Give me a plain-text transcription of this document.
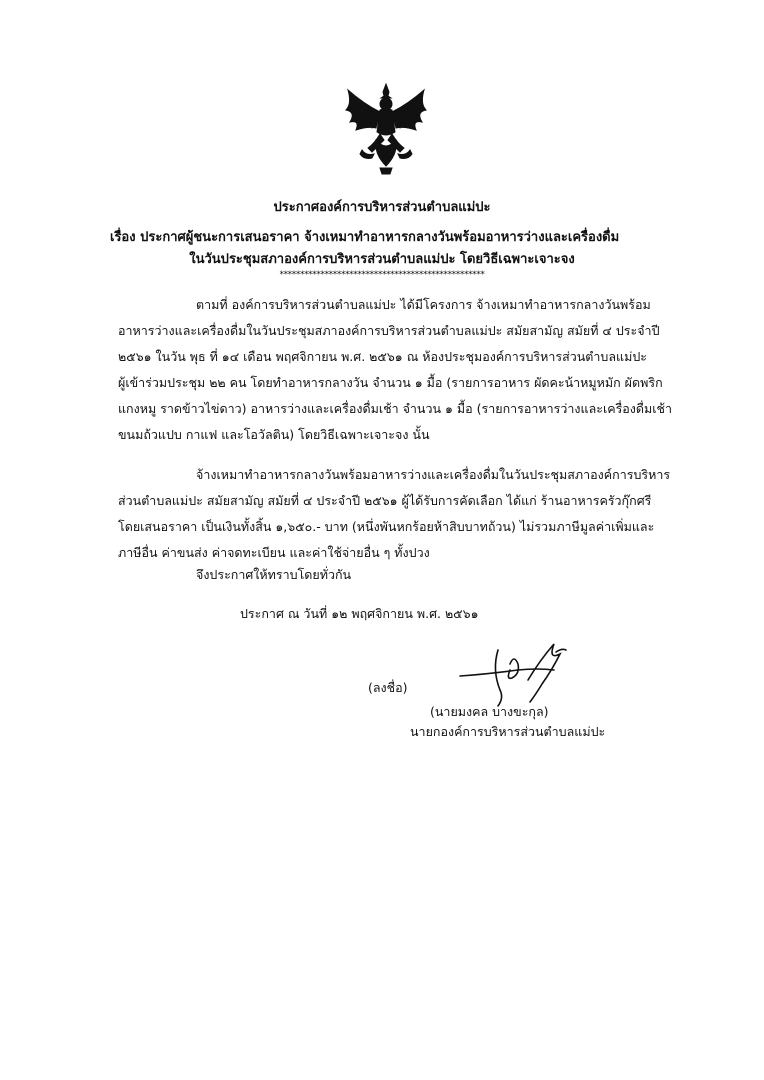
ประกาศองค์การบริหารส่วนตำบลแม่ปะ
เรื่อง ประกาศผู้ชนะการเสนอราคา จ้างเหมาทำอาหารกลางวันพร้อมอาหารว่างและเครื่องดื่ม
ในวันประชุมสภาองค์การบริหารส่วนตำบลแม่ปะ โดยวิธีเฉพาะเจาะจง
**************************************************
ตามที่ องค์การบริหารส่วนตำบลแม่ปะ ได้มีโครงการ จ้างเหมาทำอาหารกลางวันพร้อม
อาหารว่างและเครื่องดื่มในวันประชุมสภาองค์การบริหารส่วนตำบลแม่ปะ สมัยสามัญ สมัยที่ ๔ ประจำปี
๒๕๖๑ ในวัน พุธ ที่ ๑๔ เดือน พฤศจิกายน พ.ศ. ๒๕๖๑ ณ ห้องประชุมองค์การบริหารส่วนตำบลแม่ปะ
ผู้เข้าร่วมประชุม ๒๒ คน โดยทำอาหารกลางวัน จำนวน ๑ มื้อ (รายการอาหาร ผัดคะน้าหมูหมัก ผัดพริก
แกงหมู ราดข้าวไข่ดาว) อาหารว่างและเครื่องดื่มเช้า จำนวน ๑ มื้อ (รายการอาหารว่างและเครื่องดื่มเช้า
ขนมถ้วแปบ กาแฟ และโอวัลติน) โดยวิธีเฉพาะเจาะจง นั้น
จ้างเหมาทำอาหารกลางวันพร้อมอาหารว่างและเครื่องดื่มในวันประชุมสภาองค์การบริหาร
ส่วนตำบลแม่ปะ สมัยสามัญ สมัยที่ ๔ ประจำปี ๒๕๖๑ ผู้ได้รับการคัดเลือก ได้แก่ ร้านอาหารครัวกุ๊กศรี
โดยเสนอราคา เป็นเงินทั้งสิ้น ๑,๖๕๐.- บาท (หนึ่งพันหกร้อยห้าสิบบาทถ้วน) ไม่รวมภาษีมูลค่าเพิ่มและ
ภาษีอื่น ค่าขนส่ง ค่าจดทะเบียน และค่าใช้จ่ายอื่น ๆ ทั้งปวง
จึงประกาศให้ทราบโดยทั่วกัน
ประกาศ ณ วันที่ ๑๒ พฤศจิกายน พ.ศ. ๒๕๖๑
(ลงชื่อ)
(นายมงคล บางขะกุล)
นายกองค์การบริหารส่วนตำบลแม่ปะ
